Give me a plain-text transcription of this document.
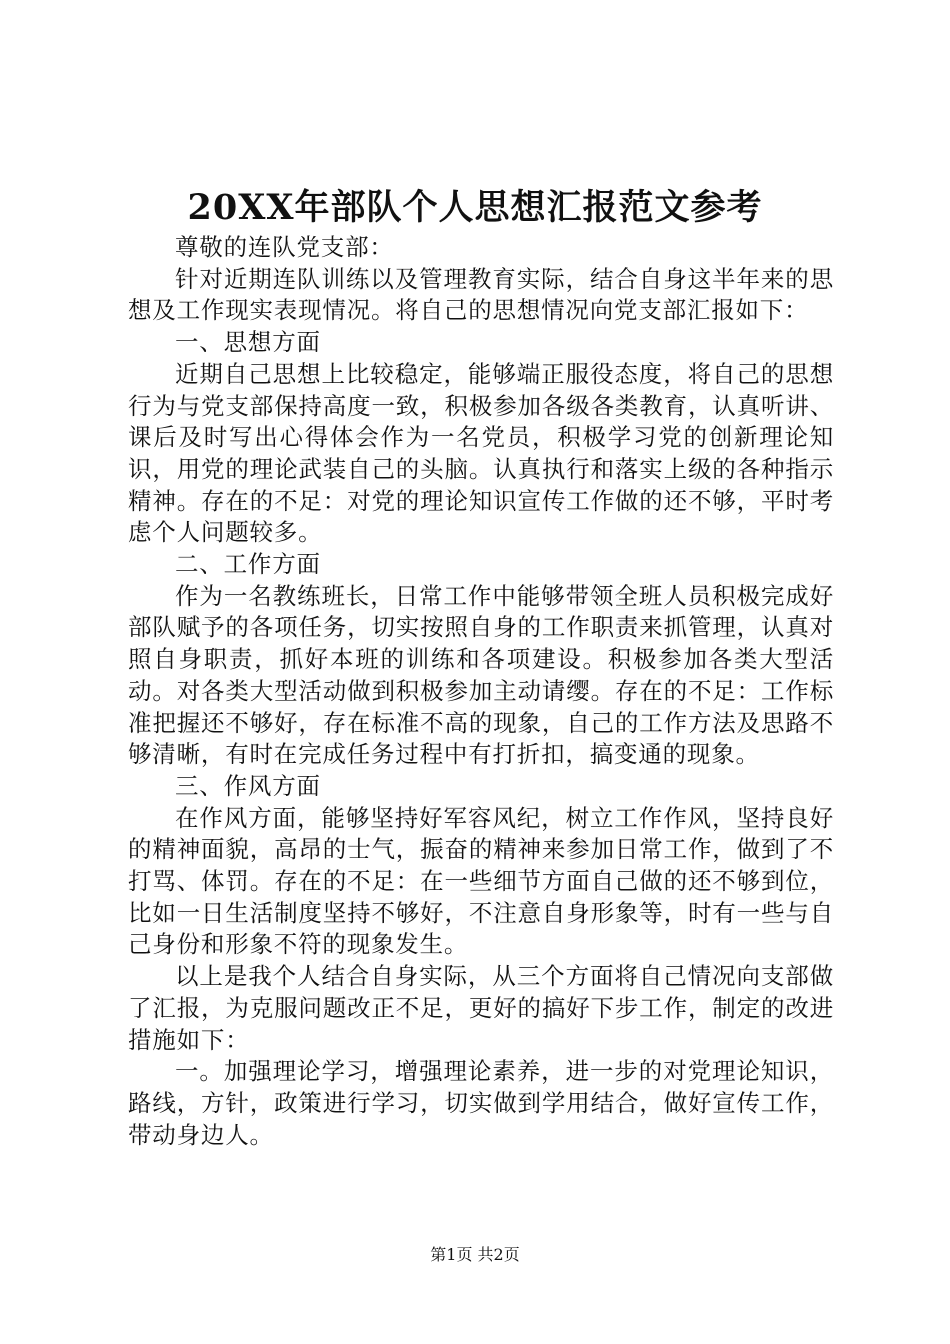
20XX年部队个人思想汇报范文参考

尊敬的连队党支部：

针对近期连队训练以及管理教育实际，结合自身这半年来的思想及工作现实表现情况。将自己的思想情况向党支部汇报如下：

一、思想方面

近期自己思想上比较稳定，能够端正服役态度，将自己的思想行为与党支部保持高度一致，积极参加各级各类教育，认真听讲、课后及时写出心得体会作为一名党员，积极学习党的创新理论知识，用党的理论武装自己的头脑。认真执行和落实上级的各种指示精神。存在的不足：对党的理论知识宣传工作做的还不够，平时考虑个人问题较多。

二、工作方面

作为一名教练班长，日常工作中能够带领全班人员积极完成好部队赋予的各项任务，切实按照自身的工作职责来抓管理，认真对照自身职责，抓好本班的训练和各项建设。积极参加各类大型活动。对各类大型活动做到积极参加主动请缨。存在的不足：工作标准把握还不够好，存在标准不高的现象，自己的工作方法及思路不够清晰，有时在完成任务过程中有打折扣，搞变通的现象。

三、作风方面

在作风方面，能够坚持好军容风纪，树立工作作风，坚持良好的精神面貌，高昂的士气，振奋的精神来参加日常工作，做到了不打骂、体罚。存在的不足：在一些细节方面自己做的还不够到位，比如一日生活制度坚持不够好，不注意自身形象等，时有一些与自己身份和形象不符的现象发生。

以上是我个人结合自身实际，从三个方面将自己情况向支部做了汇报，为克服问题改正不足，更好的搞好下步工作，制定的改进措施如下：

一。加强理论学习，增强理论素养，进一步的对党理论知识，路线，方针，政策进行学习，切实做到学用结合，做好宣传工作，带动身边人。

第1页 共2页
